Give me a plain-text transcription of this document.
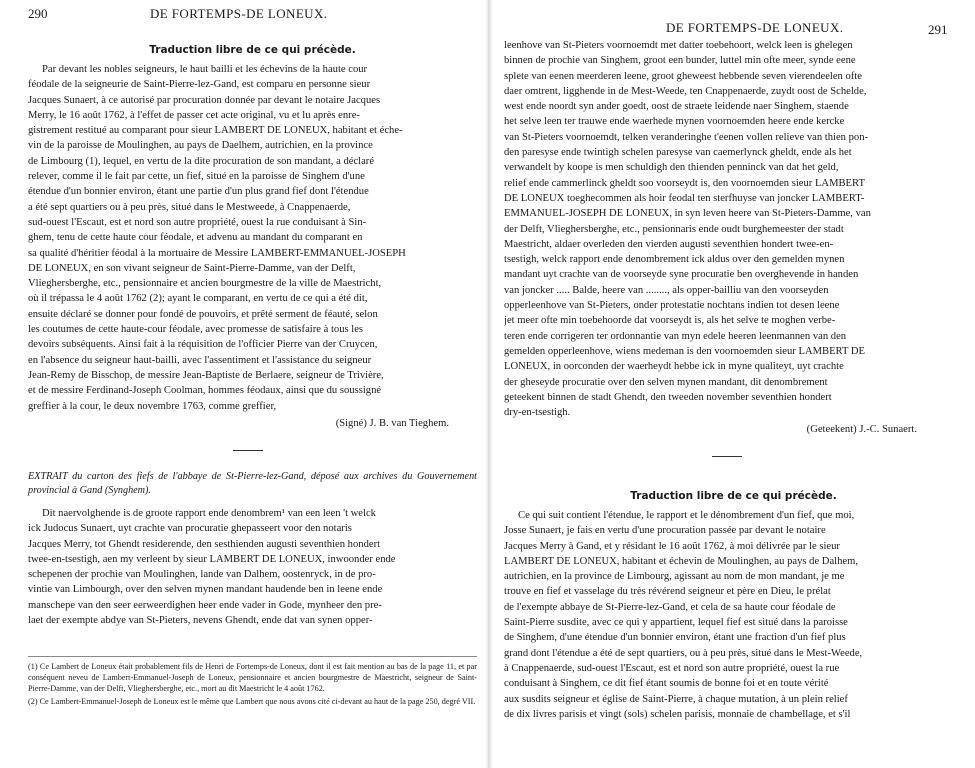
290	DE FORTEMPS-DE LONEUX.

Traduction libre de ce qui précède.

Par devant les nobles seigneurs, le haut bailli et les échevins de la haute cour
féodale de la seigneurie de Saint-Pierre-lez-Gand, est comparu en personne sieur
Jacques Sunaert, à ce autorisé par procuration donnée par devant le notaire Jacques
Merry, le 16 août 1762, à l'effet de passer cet acte original, vu et lu après enre-
gistrement restitué au comparant pour sieur LAMBERT DE LONEUX, habitant et éche-
vin de la paroisse de Moulinghen, au pays de Daelhem, autrichien, en la province
de Limbourg (1), lequel, en vertu de la dite procuration de son mandant, a déclaré
relever, comme il le fait par cette, un fief, situé en la paroisse de Singhem d'une
étendue d'un bonnier environ, étant une partie d'un plus grand fief dont l'étendue
a été sept quartiers ou à peu près, situé dans le Mestweede, à Cnappenaerde,
sud-ouest l'Escaut, est et nord son autre propriété, ouest la rue conduisant à Sin-
ghem, tenu de cette haute cour féodale, et advenu au mandant du comparant en
sa qualité d'héritier féodal à la mortuaire de Messire LAMBERT-EMMANUEL-JOSEPH
DE LONEUX, en son vivant seigneur de Saint-Pierre-Damme, van der Delft,
Vlieghersberghe, etc., pensionnaire et ancien bourgmestre de la ville de Maestricht,
où il trépassa le 4 août 1762 (2); ayant le comparant, en vertu de ce qui a été dit,
ensuite déclaré se donner pour fondé de pouvoirs, et prêté serment de féauté, selon
les coutumes de cette haute-cour féodale, avec promesse de satisfaire à tous les
devoirs subséquents. Ainsi fait à la réquisition de l'officier Pierre van der Cruycen,
en l'absence du seigneur haut-bailli, avec l'assentiment et l'assistance du seigneur
Jean-Remy de Bisschop, de messire Jean-Baptiste de Berlaere, seigneur de Trivière,
et de messire Ferdinand-Joseph Coolman, hommes féodaux, ainsi que du soussigné
greffier à la cour, le deux novembre 1763, comme greffier,

(Signé) J. B. van Tieghem.

EXTRAIT du carton des fiefs de l'abbaye de St-Pierre-lez-Gand, déposé aux archives du Gouvernement provincial à Gand (Synghem).

Dit naervolghende is de groote rapport ende denombrem¹ van een leen 't welck
ick Judocus Sunaert, uyt crachte van procuratie ghepasseert voor den notaris
Jacques Merry, tot Ghendt residerende, den sesthienden augusti seventhien hondert
twee-en-tsestigh, aen my verleent by sieur LAMBERT DE LONEUX, inwoonder ende
schepenen der prochie van Moulinghen, lande van Dalhem, oostenryck, in de pro-
vintie van Limbourgh, over den selven mynen mandant haudende ben in leene ende
manschepe van den seer eerweerdighen heer ende vader in Gode, mynheer den pre-
laet der exempte abdye van St-Pieters, nevens Ghendt, ende dat van synen opper-

(1) Ce Lambert de Loneux était probablement fils de Henri de Fortemps-de Loneux, dont il est fait mention au bas de la page 11, et par conséquent neveu de Lambert-Emmanuel-Joseph de Loneux, pensionnaire et ancien bourgmestre de Maestricht, seigneur de Saint-Pierre-Damme, van der Delft, Vlieghersberghe, etc., mort au dit Maestricht le 4 août 1762.

(2) Ce Lambert-Emmanuel-Joseph de Loneux est le même que Lambert que nous avons cité ci-devant au haut de la page 250, degré VII.

DE FORTEMPS-DE LONEUX.	291
leenhove van St-Pieters voornoemdt met datter toebehoort, welck leen is ghelegen
binnen de prochie van Singhem, groot een bunder, luttel min ofte meer, synde eene
splete van eenen meerderen leene, groot gheweest hebbende seven vierendeelen ofte
daer omtrent, ligghende in de Mest-Weede, ten Cnappenaerde, zuydt oost de Schelde,
west ende noordt syn ander goedt, oost de straete leidende naer Singhem, staende
het selve leen ter trauwe ende waerhede mynen voornoemden heere ende kercke
van St-Pieters voornoemdt, telken veranderinghe t'eenen vollen relieve van thien pon-
den paresyse ende twintigh schelen paresyse van caemerlynck gheldt, ende als het
verwandelt by koope is men schuldigh den thienden penninck van dat het geld,
relief ende cammerlinck gheldt soo voorseydt is, den voornoemden sieur LAMBERT
DE LONEUX toeghecommen als hoir feodal ten sterfhuyse van joncker LAMBERT-
EMMANUEL-JOSEPH DE LONEUX, in syn leven heere van St-Pieters-Damme, van
der Delft, Vlieghersberghe, etc., pensionnaris ende oudt burghemeester der stadt
Maestricht, aldaer overleden den vierden augusti seventhien hondert twee-en-
tsestigh, welck rapport ende denombrement ick aldus over den gemelden mynen
mandant uyt crachte van de voorseyde syne procuratie ben overghevende in handen
van joncker ..... Balde, heere van ........, als opper-bailliu van den voorseyden
opperleenhove van St-Pieters, onder protestatie nochtans indien tot desen leene
jet meer ofte min toebehoorde dat voorseydt is, als het selve te moghen verbe-
teren ende corrigeren ter ordonnantie van myn edele heeren leenmannen van den
gemelden opperleenhove, wiens medeman is den voornoemden sieur LAMBERT DE
LONEUX, in oorconden der waerheydt hebbe ick in myne qualiteyt, uyt crachte
der gheseyde procuratie over den selven mynen mandant, dit denombrement
geteekent binnen de stadt Ghendt, den tweeden november seventhien hondert
dry-en-tsestigh.

(Geteekent) J.-C. Sunaert.

Traduction libre de ce qui précède.

Ce qui suit contient l'étendue, le rapport et le dénombrement d'un fief, que moi,
Josse Sunaert, je fais en vertu d'une procuration passée par devant le notaire
Jacques Merry à Gand, et y résidant le 16 août 1762, à moi délivrée par le sieur
LAMBERT DE LONEUX, habitant et échevin de Moulinghen, au pays de Dalhem,
autrichien, en la province de Limbourg, agissant au nom de mon mandant, je me
trouve en fief et vasselage du très révérend seigneur et père en Dieu, le prélat
de l'exempte abbaye de St-Pierre-lez-Gand, et cela de sa haute cour féodale de
Saint-Pierre susdite, avec ce qui y appartient, lequel fief est situé dans la paroisse
de Singhem, d'une étendue d'un bonnier environ, étant une fraction d'un fief plus
grand dont l'étendue a été de sept quartiers, ou à peu près, situé dans le Mest-Weede,
à Cnappenaerde, sud-ouest l'Escaut, est et nord son autre propriété, ouest la rue
conduisant à Singhem, ce dit fief étant soumis de bonne foi et en toute vérité
aux susdits seigneur et église de Saint-Pierre, à chaque mutation, à un plein relief
de dix livres parisis et vingt (sols) schelen parisis, monnaie de chambellage, et s'il
